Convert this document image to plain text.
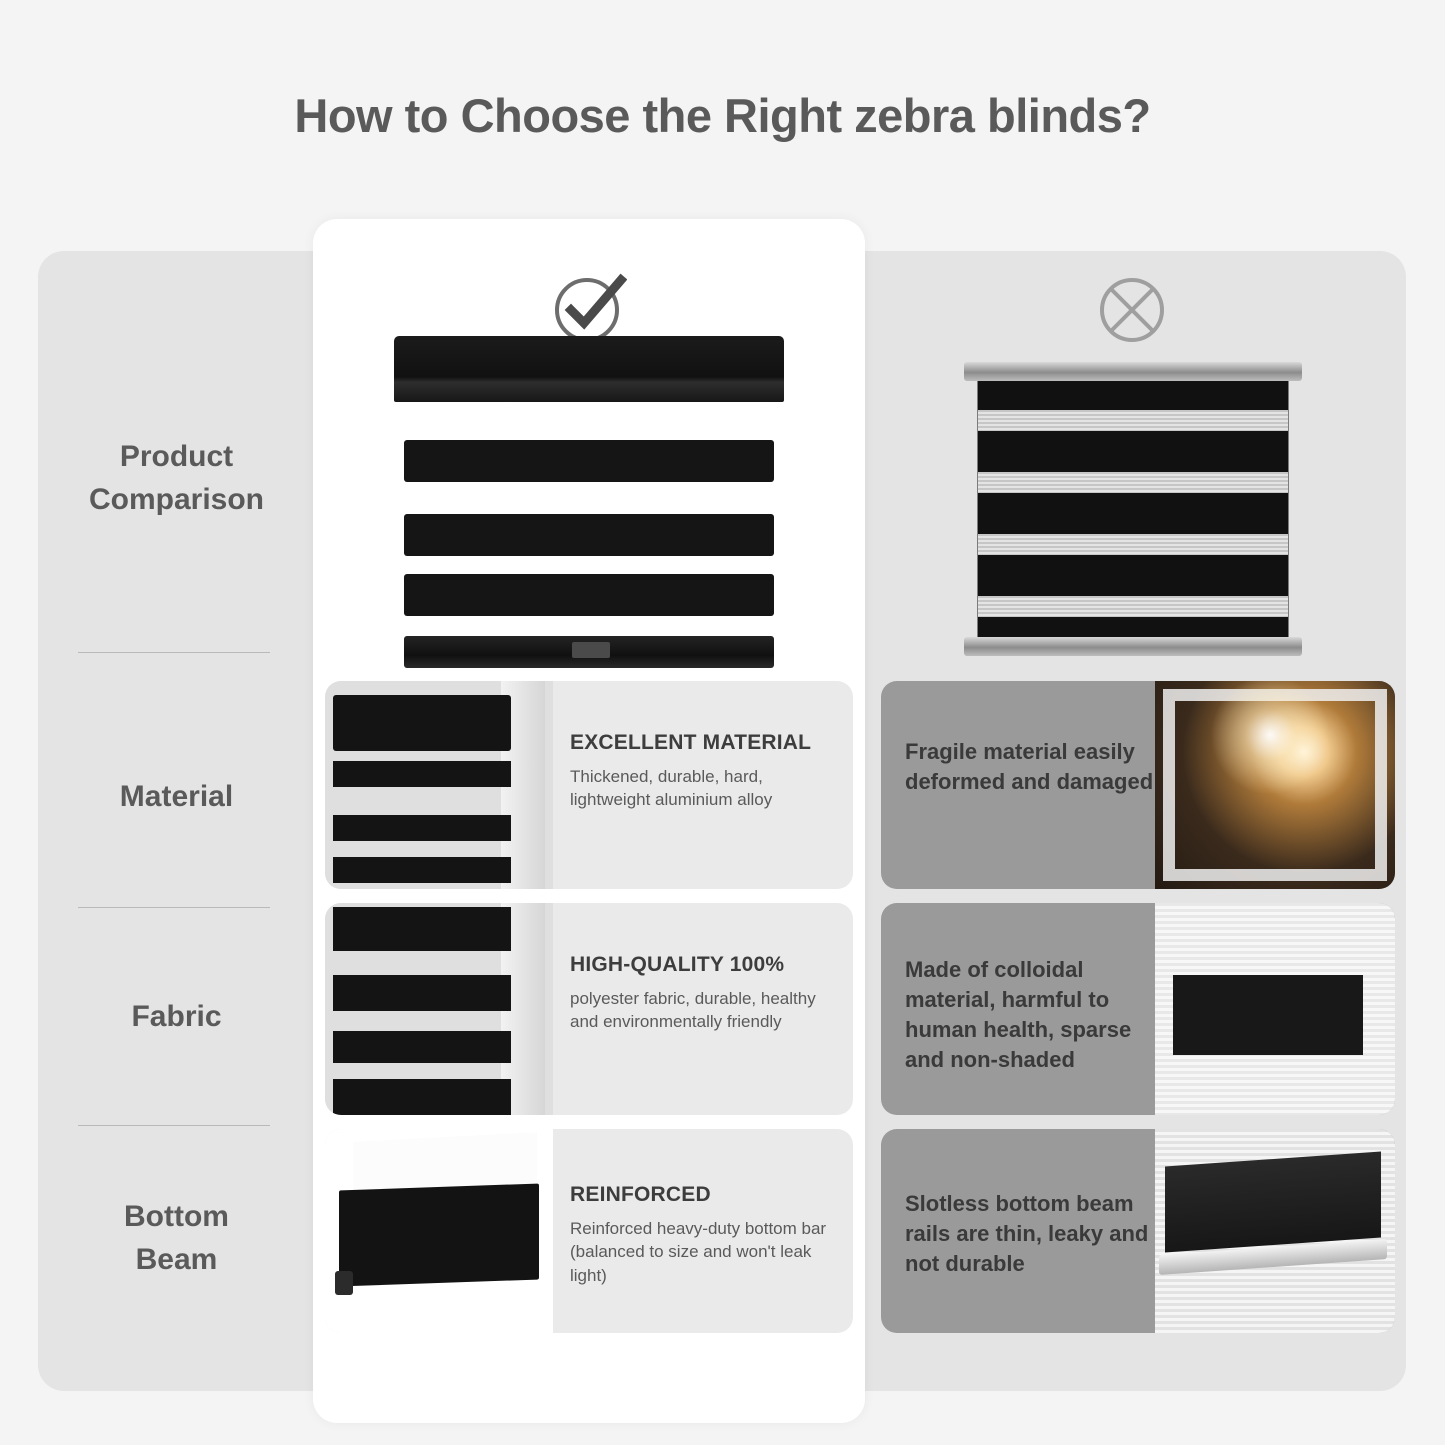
How to Choose the Right zebra blinds?
Product
Comparison
Material
Fabric
Bottom
Beam
EXCELLENT MATERIAL
Thickened, durable, hard, lightweight aluminium alloy
HIGH-QUALITY 100%
polyester fabric, durable, healthy and environmentally friendly
REINFORCED
Reinforced heavy-duty bottom bar (balanced to size and won't leak light)
Fragile material easily deformed and damaged
Made of colloidal material, harmful to human health, sparse and non-shaded
Slotless bottom beam rails are thin, leaky and not durable
